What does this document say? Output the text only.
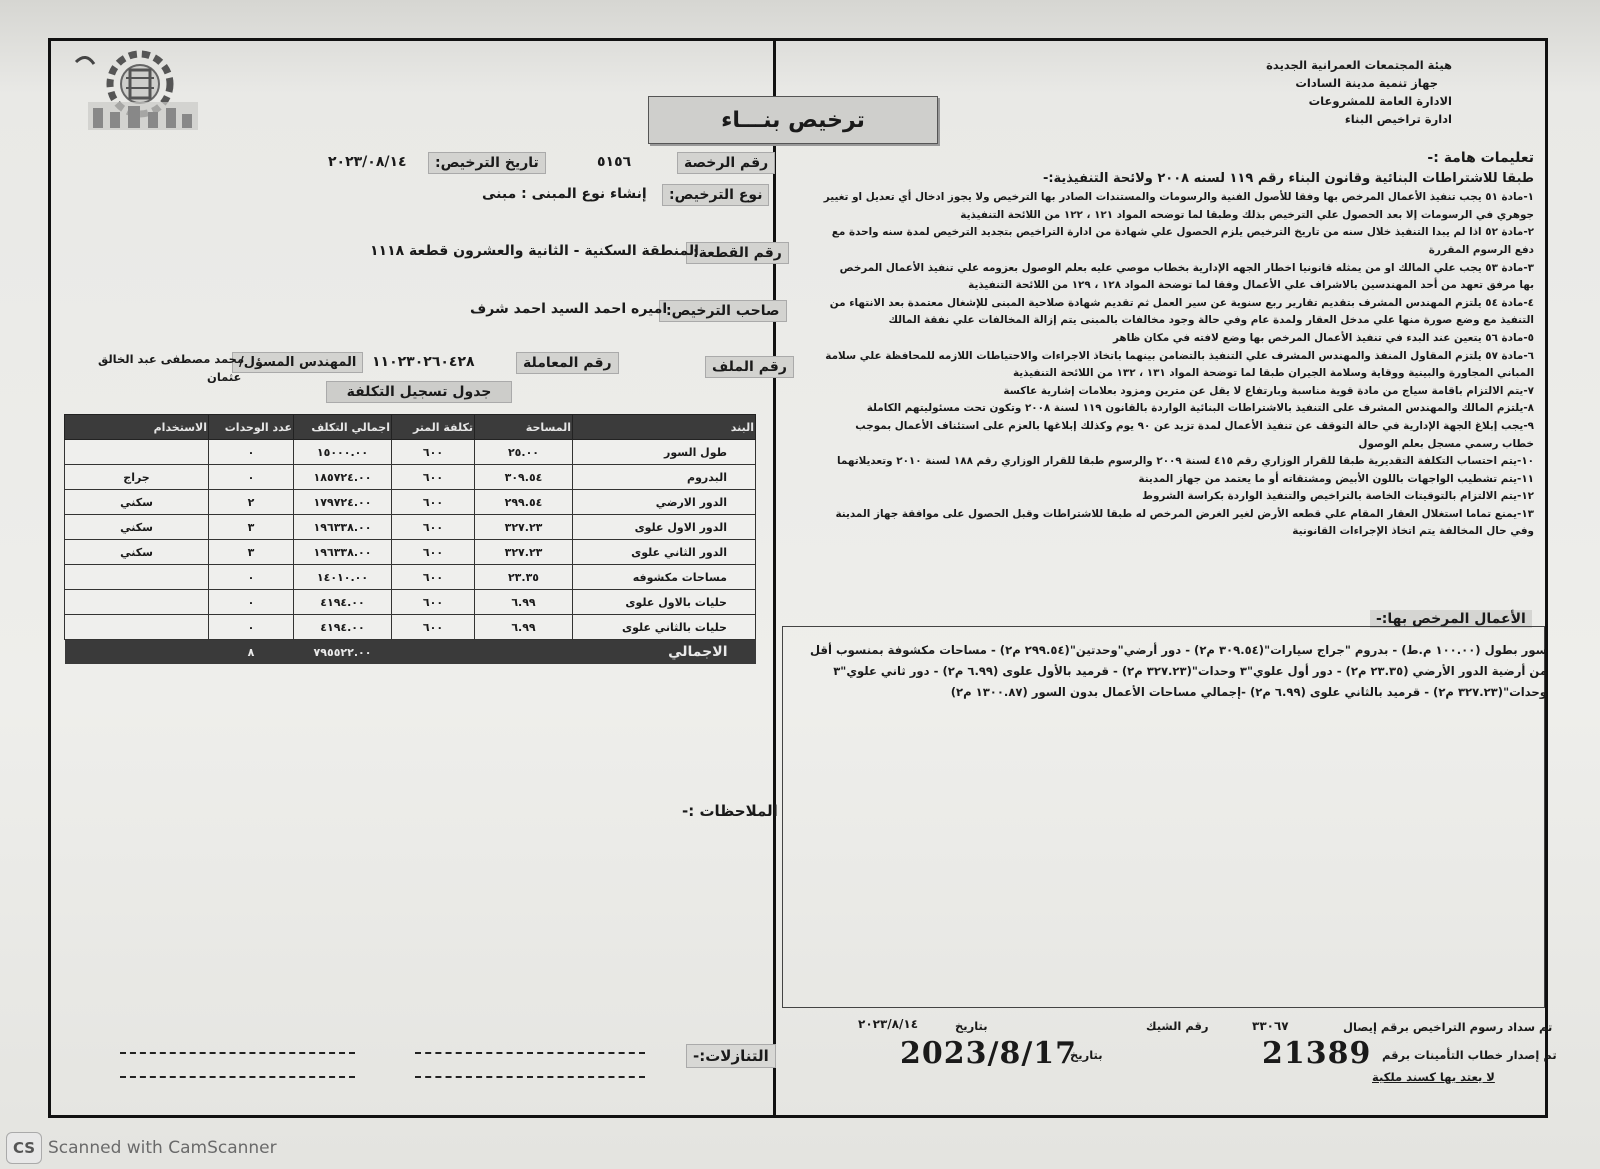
هيئة المجتمعات العمرانية الجديدة
جهاز تنمية مدينة السادات
الادارة العامة للمشروعات
ادارة تراخيص البناء
ترخيص بنـــاء
رقم الرخصة
٥١٥٦
تاريخ الترخيص:
٢٠٢٣/٠٨/١٤
نوع الترخيص:
إنشاء نوع المبنى : مبنى
رقم القطعة:
المنطقة السكنية - الثانية والعشرون قطعة ١١١٨
صاحب الترخيص:
اميره احمد السيد احمد شرف
رقم الملف
رقم المعاملة
١١٠٢٣٠٢٦٠٤٢٨
المهندس المسؤل/
محمد مصطفى عبد الخالق
عثمان
جدول تسجيل التكلفة
البند	المساحة	تكلفة المتر	اجمالي التكلف	عدد الوحدات	الاستخدام
طول السور	٢٥.٠٠	٦٠٠	١٥٠٠٠.٠٠	٠	
البدروم	٣٠٩.٥٤	٦٠٠	١٨٥٧٢٤.٠٠	٠	جراج
الدور الارضي	٢٩٩.٥٤	٦٠٠	١٧٩٧٢٤.٠٠	٢	سكني
الدور الاول علوى	٣٢٧.٢٣	٦٠٠	١٩٦٣٣٨.٠٠	٣	سكني
الدور الثاني علوى	٣٢٧.٢٣	٦٠٠	١٩٦٣٣٨.٠٠	٣	سكني
مساحات مكشوفه	٢٣.٣٥	٦٠٠	١٤٠١٠.٠٠	٠	
حليات بالاول علوى	٦.٩٩	٦٠٠	٤١٩٤.٠٠	٠	
حليات بالثاني علوى	٦.٩٩	٦٠٠	٤١٩٤.٠٠	٠	
الاجمالي			٧٩٥٥٢٢.٠٠	٨	
الملاحظات :-
التنازلات:-

تعليمات هامة :-

طبقا للاشتراطات البنائية وقانون البناء رقم ١١٩ لسنه ٢٠٠٨ ولائحة التنفيذية:-

١-مادة ٥١ يجب تنفيذ الأعمال المرخص بها وفقا للأصول الفنية والرسومات والمستندات الصادر بها الترخيص ولا يجوز ادخال أي تعديل او تغيير جوهري في الرسومات إلا بعد الحصول علي الترخيص بذلك وطبقا لما توضحه المواد ١٢١ ، ١٢٢ من اللائحة التنفيذية

٢-مادة ٥٢ اذا لم يبدا التنفيذ خلال سنه من تاريخ الترخيص يلزم الحصول علي شهادة من ادارة التراخيص بتجديد الترخيص لمدة سنه واحدة مع دفع الرسوم المقررة

٣-مادة ٥٣ يجب علي المالك او من يمثله قانونيا اخطار الجهه الإدارية بخطاب موصي عليه بعلم الوصول بعزومه علي تنفيذ الأعمال المرخص بها مرفق تعهد من أحد المهندسين بالاشراف علي الأعمال وفقا لما توضحة المواد ١٢٨ ، ١٢٩ من اللائحة التنفيذية

٤-مادة ٥٤ يلتزم المهندس المشرف بتقديم تقارير ربع سنوية عن سير العمل ثم تقديم شهادة صلاحية المبنى للإشغال معتمدة بعد الانتهاء من التنفيذ مع وضع صورة منها علي مدخل العقار ولمدة عام وفي حالة وجود مخالفات بالمبنى يتم إزالة المخالفات علي نفقة المالك

٥-مادة ٥٦ يتعين عند البدء في تنفيذ الأعمال المرخص بها وضع لافته في مكان ظاهر

٦-مادة ٥٧ يلتزم المقاول المنفذ والمهندس المشرف علي التنفيذ بالتضامن بينهما باتخاذ الاجراءات والاحتياطات اللازمه للمحافظة علي سلامة المباني المجاورة والبينية ووقاية وسلامة الجيران طبقا لما توضحة المواد ١٣١ ، ١٣٢ من اللائحة التنفيذية

٧-يتم الالتزام باقامة سياج من مادة قوية مناسبة وبارتفاع لا يقل عن مترين ومزود بعلامات إشارية عاكسة

٨-يلتزم المالك والمهندس المشرف على التنفيذ بالاشتراطات البنائية الواردة بالقانون ١١٩ لسنة ٢٠٠٨ وتكون تحت مسئوليتهم الكاملة

٩-يجب إبلاغ الجهة الإدارية في حالة التوقف عن تنفيذ الأعمال لمدة تزيد عن ٩٠ يوم وكذلك إبلاغها بالعزم على استئناف الأعمال بموجب خطاب رسمي مسجل بعلم الوصول

١٠-يتم احتساب التكلفة التقديرية طبقا للقرار الوزاري رقم ٤١٥ لسنة ٢٠٠٩ والرسوم طبقا للقرار الوزاري رقم ١٨٨ لسنة ٢٠١٠ وتعديلاتهما

١١-يتم تشطيب الواجهات باللون الأبيض ومشتقاته أو ما يعتمد من جهاز المدينة

١٢-يتم الالتزام بالتوقيتات الخاصة بالتراخيص والتنفيذ الواردة بكراسة الشروط

١٣-يمنع تماما استغلال العقار المقام علي قطعه الأرض لغير الغرض المرخص له طبقا للاشتراطات وقبل الحصول على موافقة جهاز المدينة وفي حال المخالفة يتم اتخاذ الإجراءات القانونية

الأعمال المرخص بها:-
سور بطول (١٠٠.٠٠ م.ط) - بدروم "جراج سيارات"(٣٠٩.٥٤ م٢) - دور أرضي"وحدتين"(٢٩٩.٥٤ م٢) - مساحات مكشوفة بمنسوب أقل من أرضية الدور الأرضي (٢٣.٣٥ م٢) - دور أول علوي"٣ وحدات"(٣٢٧.٢٣ م٢) - قرميد بالأول علوى (٦.٩٩ م٢) - دور ثاني علوي"٣ وحدات"(٣٢٧.٢٣ م٢) - قرميد بالثاني علوى (٦.٩٩ م٢) -إجمالي مساحات الأعمال بدون السور (١٣٠٠.٨٧ م٢)
تم سداد رسوم التراخيص برقم إيصال
٣٣٠٦٧
رقم الشيك
بتاريخ
٢٠٢٣/٨/١٤
تم إصدار خطاب التأمينات برقم
21389
بتاريخ
2023/8/17
لا يعتد بها كسند ملكية
CS Scanned with CamScanner
